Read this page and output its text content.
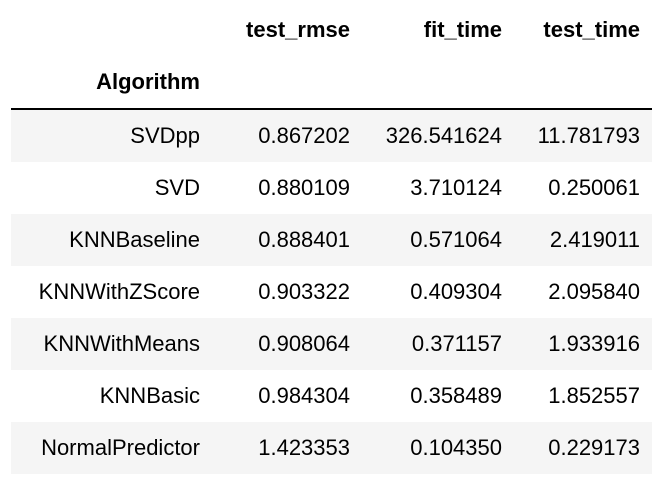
	test_rmse	fit_time	test_time
Algorithm			
SVDpp	0.867202	326.541624	11.781793
SVD	0.880109	3.710124	0.250061
KNNBaseline	0.888401	0.571064	2.419011
KNNWithZScore	0.903322	0.409304	2.095840
KNNWithMeans	0.908064	0.371157	1.933916
KNNBasic	0.984304	0.358489	1.852557
NormalPredictor	1.423353	0.104350	0.229173
